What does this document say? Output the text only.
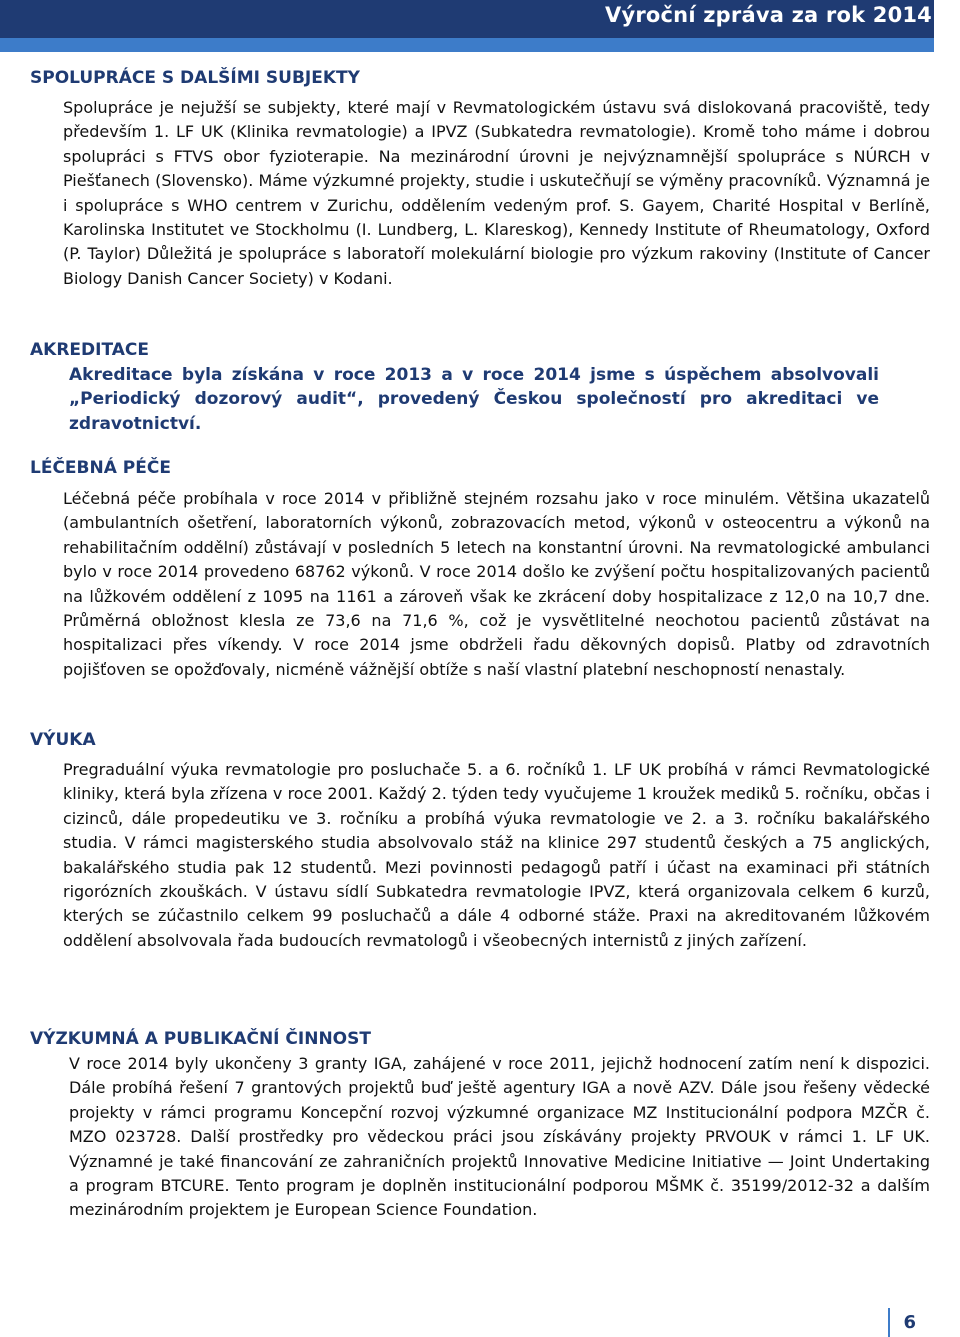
Výroční zpráva za rok 2014
SPOLUPRÁCE S DALŠÍMI SUBJEKTY

Spolupráce je nejužší se subjekty, které mají v Revmatologickém ústavu svá dislokovaná pracoviště, tedy především 1. LF UK (Klinika revmatologie) a IPVZ (Subkatedra revmatologie). Kromě toho máme i dobrou spolupráci s FTVS obor fyzioterapie. Na mezinárodní úrovni je nejvýznamnější spolupráce s NÚRCH v Piešťanech (Slovensko). Máme výzkumné projekty, studie i uskutečňují se výměny pracovníků. Významná je i spolupráce s WHO centrem v Zurichu, oddělením vedeným prof. S. Gayem, Charité Hospital v Berlíně, Karolinska Institutet ve Stockholmu (I. Lundberg, L. Klareskog), Kennedy Institute of Rheumatology, Oxford (P. Taylor) Důležitá je spolupráce s laboratoří molekulární biologie pro výzkum rakoviny (Institute of Cancer Biology Danish Cancer Society) v Kodani.

AKREDITACE

Akreditace byla získána v roce 2013 a v roce 2014 jsme s úspěchem absolvovali „Periodický dozorový audit“, provedený Českou společností pro akreditaci ve zdravotnictví.

LÉČEBNÁ PÉČE

Léčebná péče probíhala v roce 2014 v přibližně stejném rozsahu jako v roce minulém. Většina ukazatelů (ambulantních ošetření, laboratorních výkonů, zobrazovacích metod, výkonů v osteocentru a výkonů na rehabilitačním oddělní) zůstávají v posledních 5 letech na konstantní úrovni. Na revmatologické ambulanci bylo v roce 2014 provedeno 68762 výkonů. V roce 2014 došlo ke zvýšení počtu hospitalizovaných pacientů na lůžkovém oddělení z 1095 na 1161 a zároveň však ke zkrácení doby hospitalizace z 12,0 na 10,7 dne. Průměrná obložnost klesla ze 73,6 na 71,6 %, což je vysvětlitelné neochotou pacientů zůstávat na hospitalizaci přes víkendy. V roce 2014 jsme obdrželi řadu děkovných dopisů. Platby od zdravotních pojišťoven se opožďovaly, nicméně vážnější obtíže s naší vlastní platební neschopností nenastaly.

VÝUKA

Pregraduální výuka revmatologie pro posluchače 5. a 6. ročníků 1. LF UK probíhá v rámci Revmatologické kliniky, která byla zřízena v roce 2001. Každý 2. týden tedy vyučujeme 1 kroužek mediků 5. ročníku, občas i cizinců, dále propedeutiku ve 3. ročníku a probíhá výuka revmatologie ve 2. a 3. ročníku bakalářského studia. V rámci magisterského studia absolvovalo stáž na klinice 297 studentů českých a 75 anglických, bakalářského studia pak 12 studentů. Mezi povinnosti pedagogů patří i účast na examinaci při státních rigorózních zkouškách. V ústavu sídlí Subkatedra revmatologie IPVZ, která organizovala celkem 6 kurzů, kterých se zúčastnilo celkem 99 posluchačů a dále 4 odborné stáže. Praxi na akreditovaném lůžkovém oddělení absolvovala řada budoucích revmatologů i všeobecných internistů z jiných zařízení.

VÝZKUMNÁ A PUBLIKAČNÍ ČINNOST

V roce 2014 byly ukončeny 3 granty IGA, zahájené v roce 2011, jejichž hodnocení zatím není k dispozici. Dále probíhá řešení 7 grantových projektů buď ještě agentury IGA a nově AZV. Dále jsou řešeny vědecké projekty v rámci programu Koncepční rozvoj výzkumné organizace MZ Institucionální podpora MZČR č. MZO 023728. Další prostředky pro vědeckou práci jsou získávány projekty PRVOUK v rámci 1. LF UK. Významné je také financování ze zahraničních projektů Innovative Medicine Initiative — Joint Undertaking a program BTCURE. Tento program je doplněn institucionální podporou MŠMK č. 35199/2012-32 a dalším mezinárodním projektem je European Science Foundation.

6
